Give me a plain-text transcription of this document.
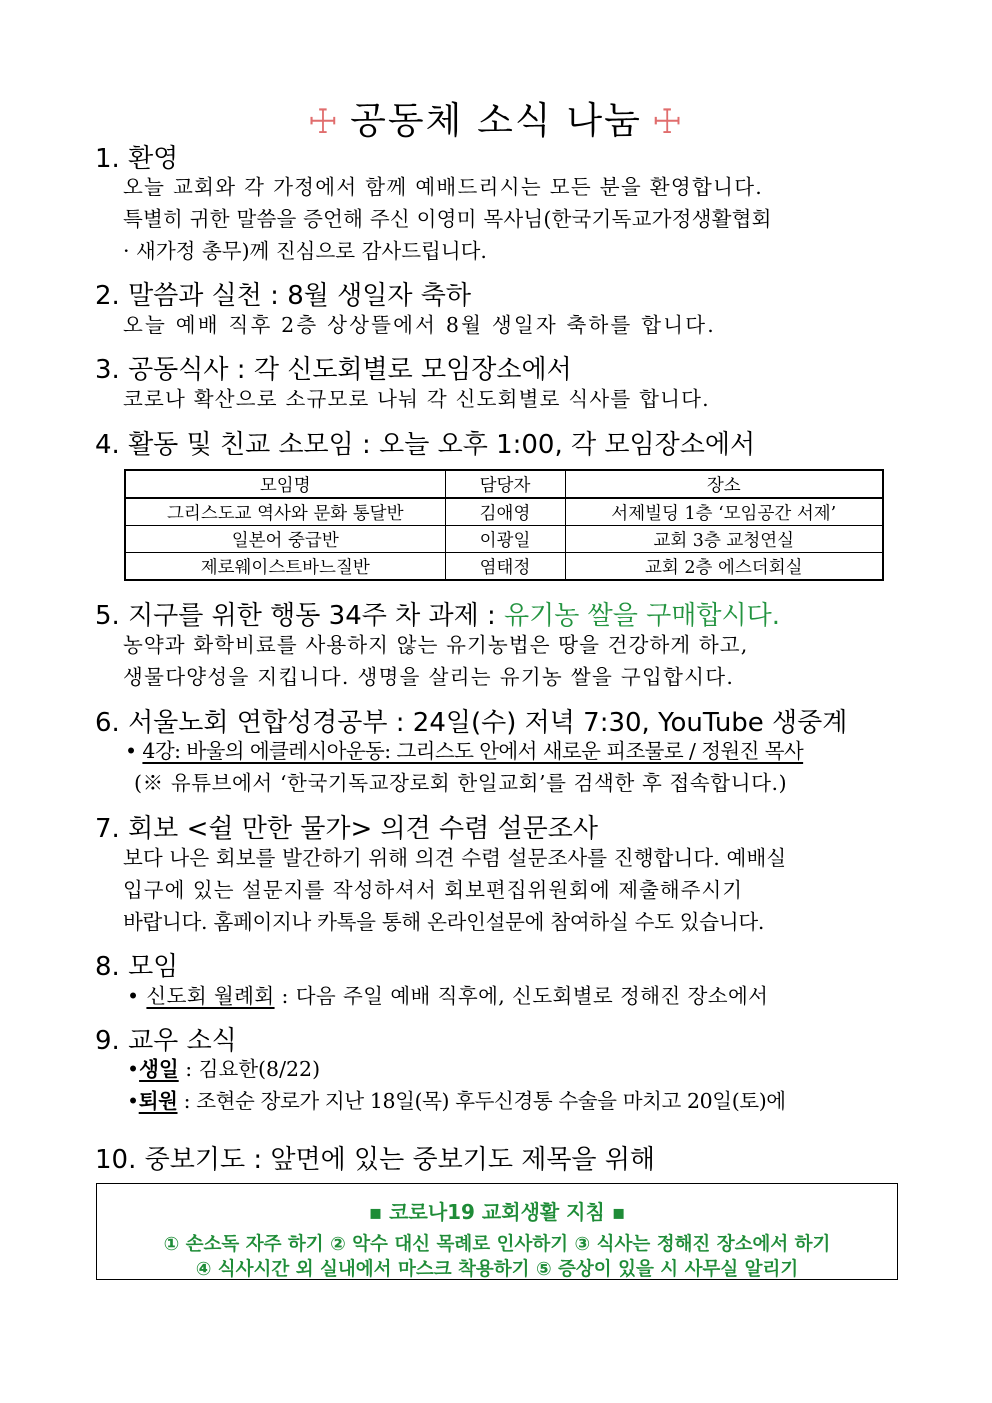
☩ 공동체 소식 나눔 ☩
1. 환영
오늘 교회와 각 가정에서 함께 예배드리시는 모든 분을 환영합니다.
특별히 귀한 말씀을 증언해 주신 이영미 목사님(한국기독교가정생활협회
· 새가정 총무)께 진심으로 감사드립니다.
2. 말씀과 실천 : 8월 생일자 축하
오늘 예배 직후 2층 상상뜰에서 8월 생일자 축하를 합니다.
3. 공동식사 : 각 신도회별로 모임장소에서
코로나 확산으로 소규모로 나눠 각 신도회별로 식사를 합니다.
4. 활동 및 친교 소모임 : 오늘 오후 1:00, 각 모임장소에서
모임명	담당자	장소
그리스도교 역사와 문화 통달반	김애영	서제빌딩 1층 ‘모임공간 서제’
일본어 중급반	이광일	교회 3층 교청연실
제로웨이스트바느질반	염태정	교회 2층 에스더회실
5. 지구를 위한 행동 34주 차 과제 : 유기농 쌀을 구매합시다.
농약과 화학비료를 사용하지 않는 유기농법은 땅을 건강하게 하고,
생물다양성을 지킵니다. 생명을 살리는 유기농 쌀을 구입합시다.
6. 서울노회 연합성경공부 : 24일(수) 저녁 7:30, YouTube 생중계
• 4강: 바울의 에클레시아운동: 그리스도 안에서 새로운 피조물로 / 정원진 목사
(※ 유튜브에서 ‘한국기독교장로회 한일교회’를 검색한 후 접속합니다.)
7. 회보 <쉴 만한 물가> 의견 수렴 설문조사
보다 나은 회보를 발간하기 위해 의견 수렴 설문조사를 진행합니다. 예배실
입구에 있는 설문지를 작성하셔서 회보편집위원회에 제출해주시기
바랍니다. 홈페이지나 카톡을 통해 온라인설문에 참여하실 수도 있습니다.
8. 모임
• 신도회 월례회 : 다음 주일 예배 직후에, 신도회별로 정해진 장소에서
9. 교우 소식
•생일 : 김요한(8/22)
•퇴원 : 조현순 장로가 지난 18일(목) 후두신경통 수술을 마치고 20일(토)에
10. 중보기도 : 앞면에 있는 중보기도 제목을 위해
▪ 코로나19 교회생활 지침 ▪
① 손소독 자주 하기 ② 악수 대신 목례로 인사하기 ③ 식사는 정해진 장소에서 하기
④ 식사시간 외 실내에서 마스크 착용하기 ⑤ 증상이 있을 시 사무실 알리기
